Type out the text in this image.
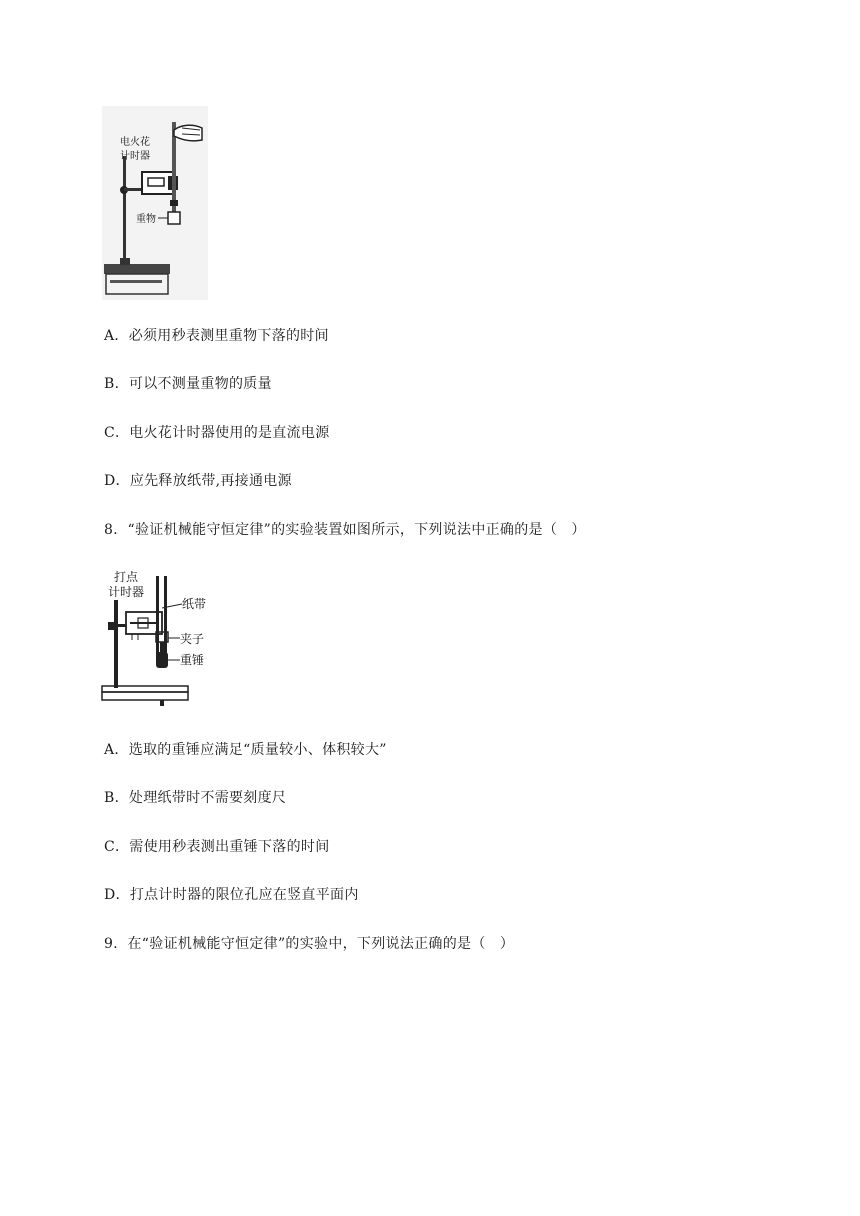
电火花
计时器
重物
A．必须用秒表测里重物下落的时间
B．可以不测量重物的质量
C．电火花计时器使用的是直流电源
D．应先释放纸带,再接通电源
8．“验证机械能守恒定律”的实验装置如图所示，下列说法中正确的是（　）
打点
计时器
纸带
夹子
重锤
A．选取的重锤应满足“质量较小、体积较大”
B．处理纸带时不需要刻度尺
C．需使用秒表测出重锤下落的时间
D．打点计时器的限位孔应在竖直平面内
9．在“验证机械能守恒定律”的实验中，下列说法正确的是（　）
